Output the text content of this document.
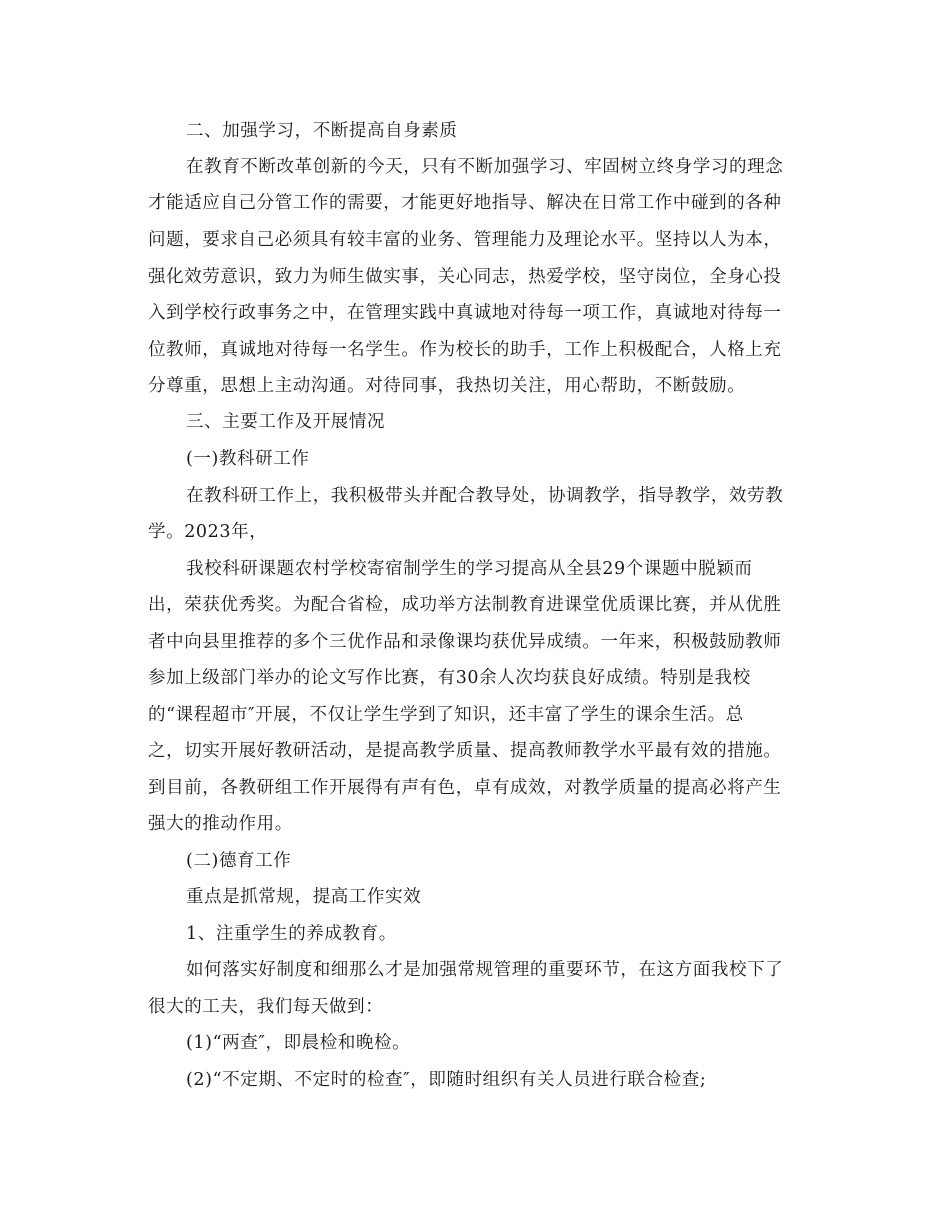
二、加强学习，不断提高自身素质
在教育不断改革创新的今天，只有不断加强学习、牢固树立终身学习的理念
才能适应自己分管工作的需要，才能更好地指导、解决在日常工作中碰到的各种
问题，要求自己必须具有较丰富的业务、管理能力及理论水平。坚持以人为本，
强化效劳意识，致力为师生做实事，关心同志，热爱学校，坚守岗位，全身心投
入到学校行政事务之中，在管理实践中真诚地对待每一项工作，真诚地对待每一
位教师，真诚地对待每一名学生。作为校长的助手，工作上积极配合，人格上充
分尊重，思想上主动沟通。对待同事，我热切关注，用心帮助，不断鼓励。
三、主要工作及开展情况
(一)教科研工作
在教科研工作上，我积极带头并配合教导处，协调教学，指导教学，效劳教
学。2023年，
我校科研课题农村学校寄宿制学生的学习提高从全县29个课题中脱颖而
出，荣获优秀奖。为配合省检，成功举方法制教育进课堂优质课比赛，并从优胜
者中向县里推荐的多个三优作品和录像课均获优异成绩。一年来，积极鼓励教师
参加上级部门举办的论文写作比赛，有30余人次均获良好成绩。特别是我校
的“课程超市″开展，不仅让学生学到了知识，还丰富了学生的课余生活。总
之，切实开展好教研活动，是提高教学质量、提高教师教学水平最有效的措施。
到目前，各教研组工作开展得有声有色，卓有成效，对教学质量的提高必将产生
强大的推动作用。
(二)德育工作
重点是抓常规，提高工作实效
1、注重学生的养成教育。
如何落实好制度和细那么才是加强常规管理的重要环节，在这方面我校下了
很大的工夫，我们每天做到：
(1)“两查″，即晨检和晚检。
(2)“不定期、不定时的检查″，即随时组织有关人员进行联合检查;
